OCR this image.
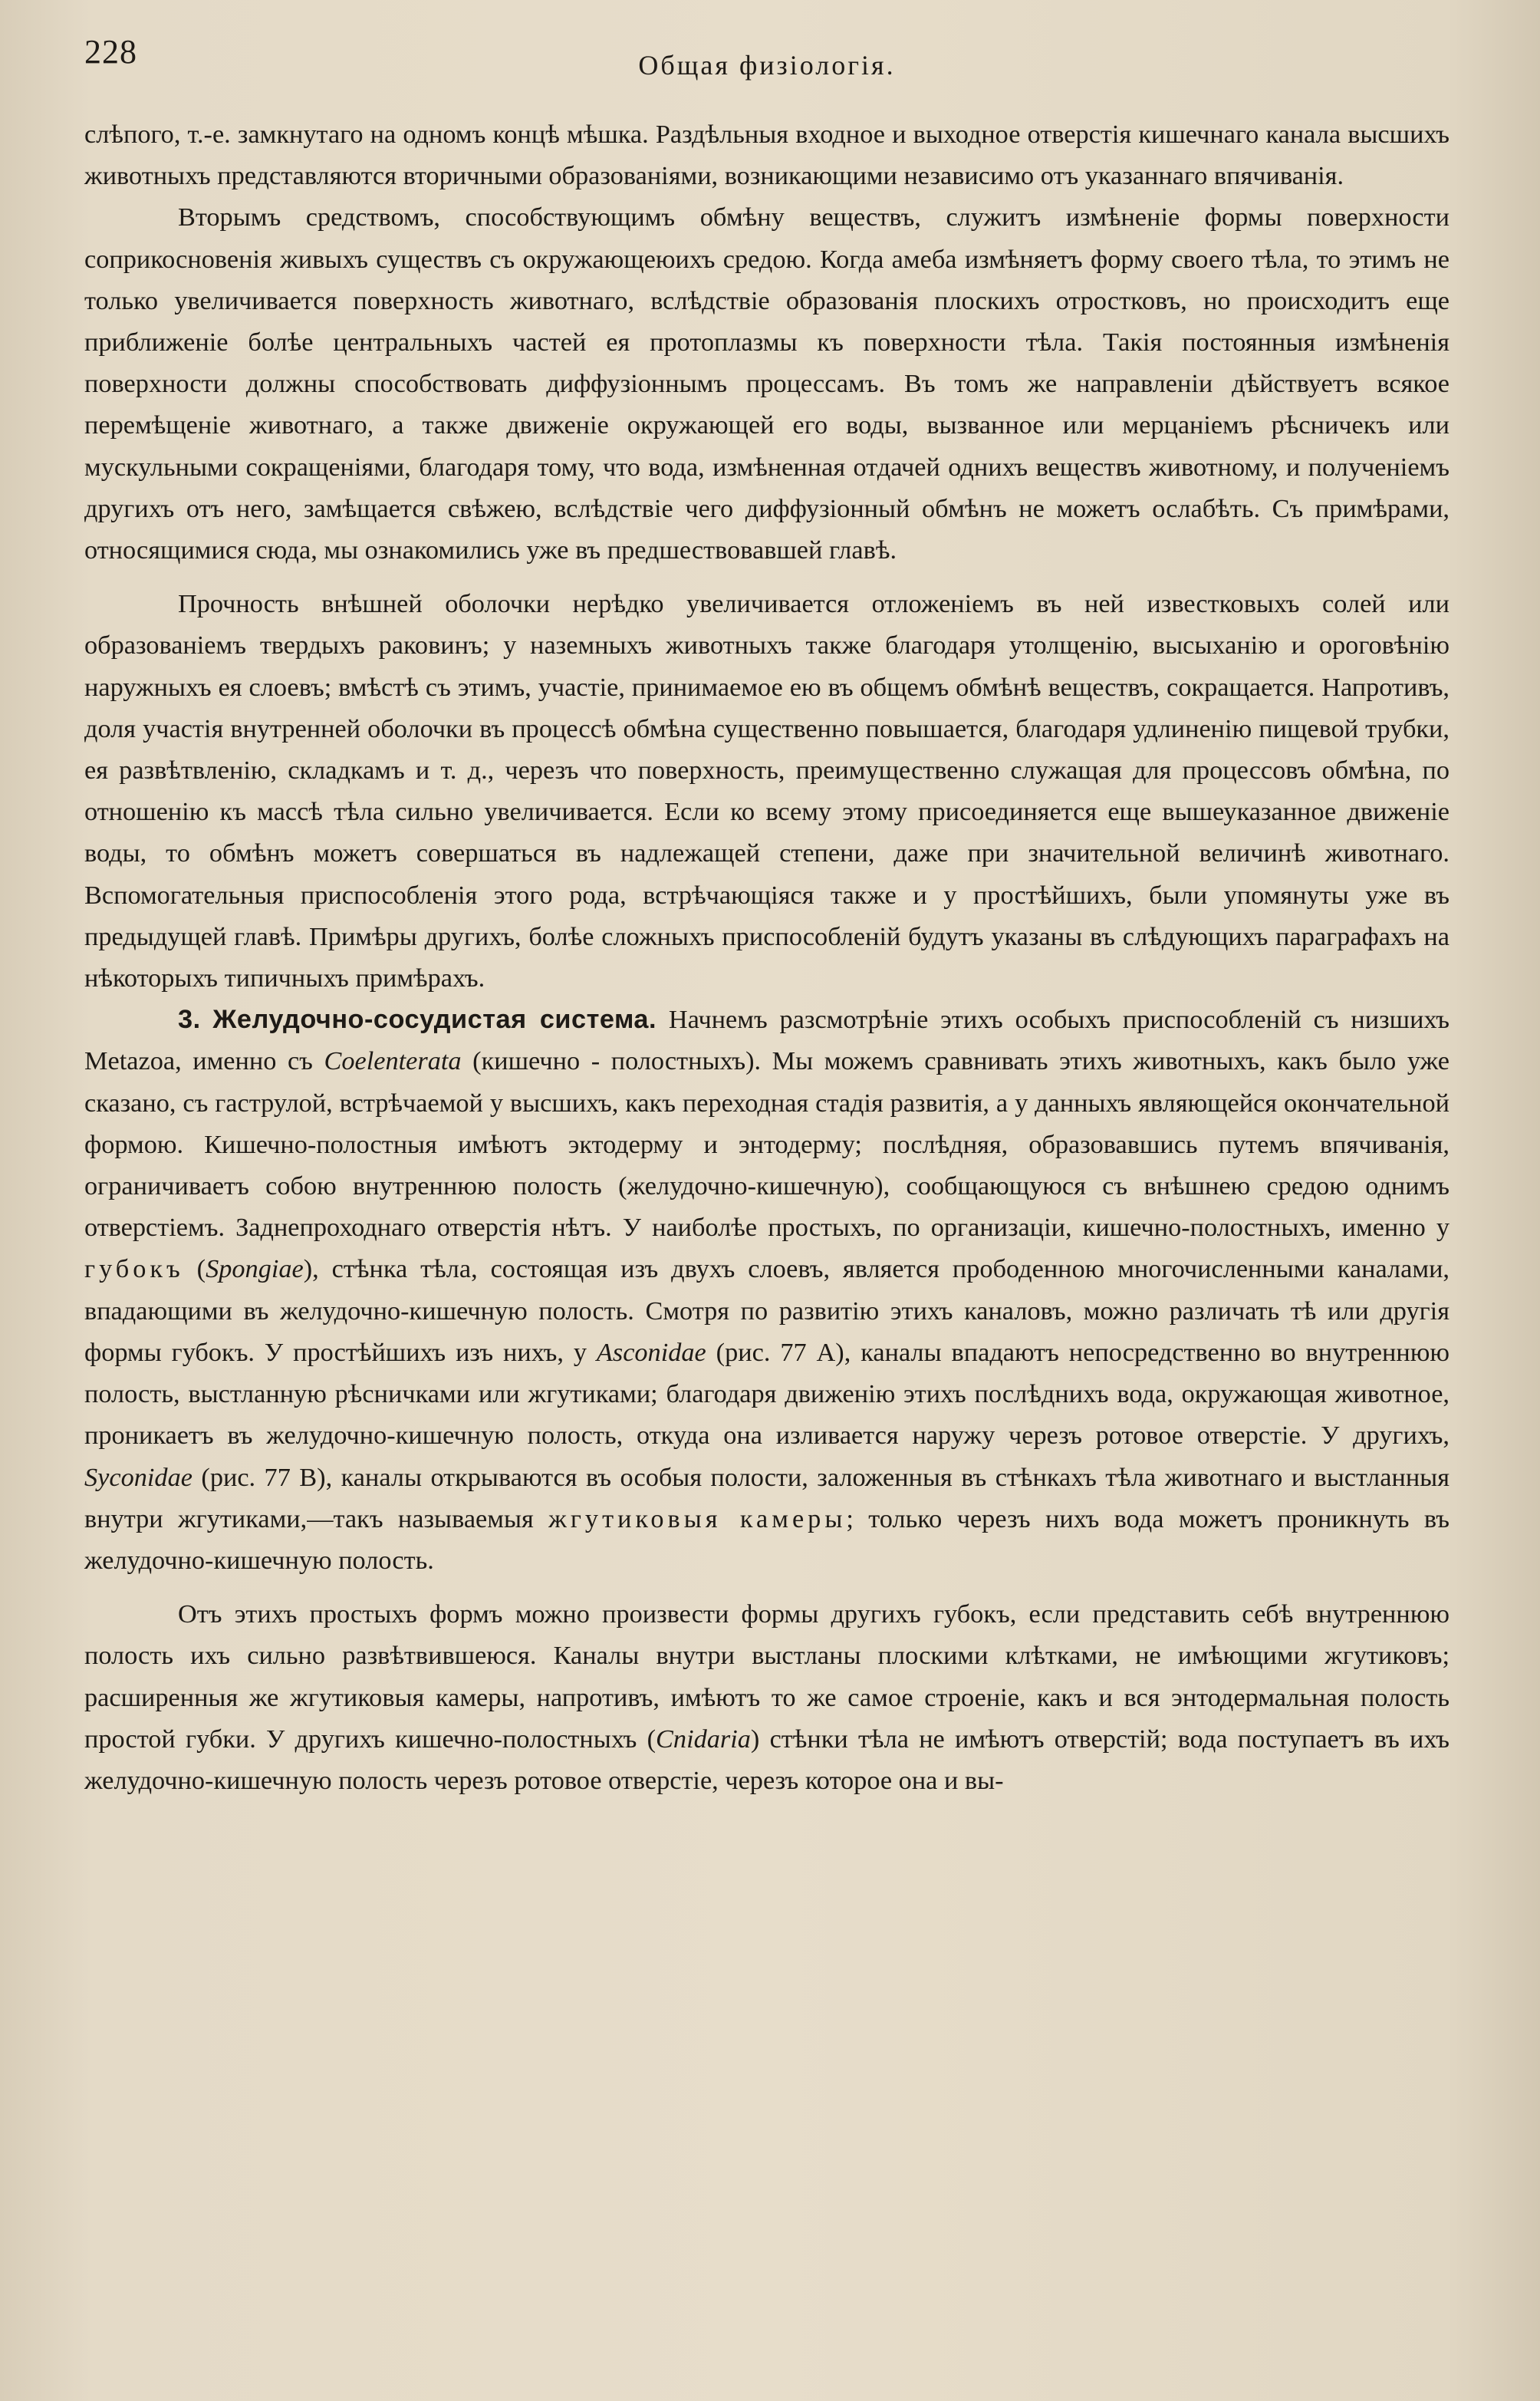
228	Общая физіологія.

слѣпого, т.-е. замкнутаго на одномъ концѣ мѣшка. Раздѣльныя входное и выходное отверстія кишечнаго канала высшихъ животныхъ представляются вторичными образованіями, возникающими независимо отъ указаннаго впячиванія.

Вторымъ средствомъ, способствующимъ обмѣну веществъ, служитъ измѣненіе формы поверхности соприкосновенія живыхъ существъ съ окружающеюихъ средою. Когда амеба измѣняетъ форму своего тѣла, то этимъ не только увеличивается поверхность животнаго, вслѣдствіе образованія плоскихъ отростковъ, но происходитъ еще приближеніе болѣе центральныхъ частей ея протоплазмы къ поверхности тѣла. Такія постоянныя измѣненія поверхности должны способствовать диффузіоннымъ процессамъ. Въ томъ же направленіи дѣйствуетъ всякое перемѣщеніе животнаго, а также движеніе окружающей его воды, вызванное или мерцаніемъ рѣсничекъ или мускульными сокращеніями, благодаря тому, что вода, измѣненная отдачей однихъ веществъ животному, и полученіемъ другихъ отъ него, замѣщается свѣжею, вслѣдствіе чего диффузіонный обмѣнъ не можетъ ослабѣть. Съ примѣрами, относящимися сюда, мы ознакомились уже въ предшествовавшей главѣ.

Прочность внѣшней оболочки нерѣдко увеличивается отложеніемъ въ ней известковыхъ солей или образованіемъ твердыхъ раковинъ; у наземныхъ животныхъ также благодаря утолщенію, высыханію и ороговѣнію наружныхъ ея слоевъ; вмѣстѣ съ этимъ, участіе, принимаемое ею въ общемъ обмѣнѣ веществъ, сокращается. Напротивъ, доля участія внутренней оболочки въ процессѣ обмѣна существенно повышается, благодаря удлиненію пищевой трубки, ея развѣтвленію, складкамъ и т. д., черезъ что поверхность, преимущественно служащая для процессовъ обмѣна, по отношенію къ массѣ тѣла сильно увеличивается. Если ко всему этому присоединяется еще вышеуказанное движеніе воды, то обмѣнъ можетъ совершаться въ надлежащей степени, даже при значительной величинѣ животнаго. Вспомогательныя приспособленія этого рода, встрѣчающіяся также и у простѣйшихъ, были упомянуты уже въ предыдущей главѣ. Примѣры другихъ, болѣе сложныхъ приспособленій будутъ указаны въ слѣдующихъ параграфахъ на нѣкоторыхъ типичныхъ примѣрахъ.

3. Желудочно-сосудистая система. Начнемъ разсмотрѣніе этихъ особыхъ приспособленій съ низшихъ Metazoa, именно съ Coelenterata (кишечно - полостныхъ). Мы можемъ сравнивать этихъ животныхъ, какъ было уже сказано, съ гаструлой, встрѣчаемой у высшихъ, какъ переходная стадія развитія, а у данныхъ являющейся окончательной формою. Кишечно-полостныя имѣютъ эктодерму и энтодерму; послѣдняя, образовавшись путемъ впячиванія, ограничиваетъ собою внутреннюю полость (желудочно-кишечную), сообщающуюся съ внѣшнею средою однимъ отверстіемъ. Заднепроходнаго отверстія нѣтъ. У наиболѣе простыхъ, по организаціи, кишечно-полостныхъ, именно у губокъ (Spongiae), стѣнка тѣла, состоящая изъ двухъ слоевъ, является прободенною многочисленными каналами, впадающими въ желудочно-кишечную полость. Смотря по развитію этихъ каналовъ, можно различать тѣ или другія формы губокъ. У простѣйшихъ изъ нихъ, у Asconidae (рис. 77 A), каналы впадаютъ непосредственно во внутреннюю полость, выстланную рѣсничками или жгутиками; благодаря движенію этихъ послѣднихъ вода, окружающая животное, проникаетъ въ желудочно-кишечную полость, откуда она изливается наружу черезъ ротовое отверстіе. У другихъ, Syconidae (рис. 77 B), каналы открываются въ особыя полости, заложенныя въ стѣнкахъ тѣла животнаго и выстланныя внутри жгутиками,—такъ называемыя жгутиковыя камеры; только черезъ нихъ вода можетъ проникнуть въ желудочно-кишечную полость.

Отъ этихъ простыхъ формъ можно произвести формы другихъ губокъ, если представить себѣ внутреннюю полость ихъ сильно развѣтвившеюся. Каналы внутри выстланы плоскими клѣтками, не имѣющими жгутиковъ; расширенныя же жгутиковыя камеры, напротивъ, имѣютъ то же самое строеніе, какъ и вся энтодермальная полость простой губки. У другихъ кишечно-полостныхъ (Cnidaria) стѣнки тѣла не имѣютъ отверстій; вода поступаетъ въ ихъ желудочно-кишечную полость черезъ ротовое отверстіе, черезъ которое она и вы-
